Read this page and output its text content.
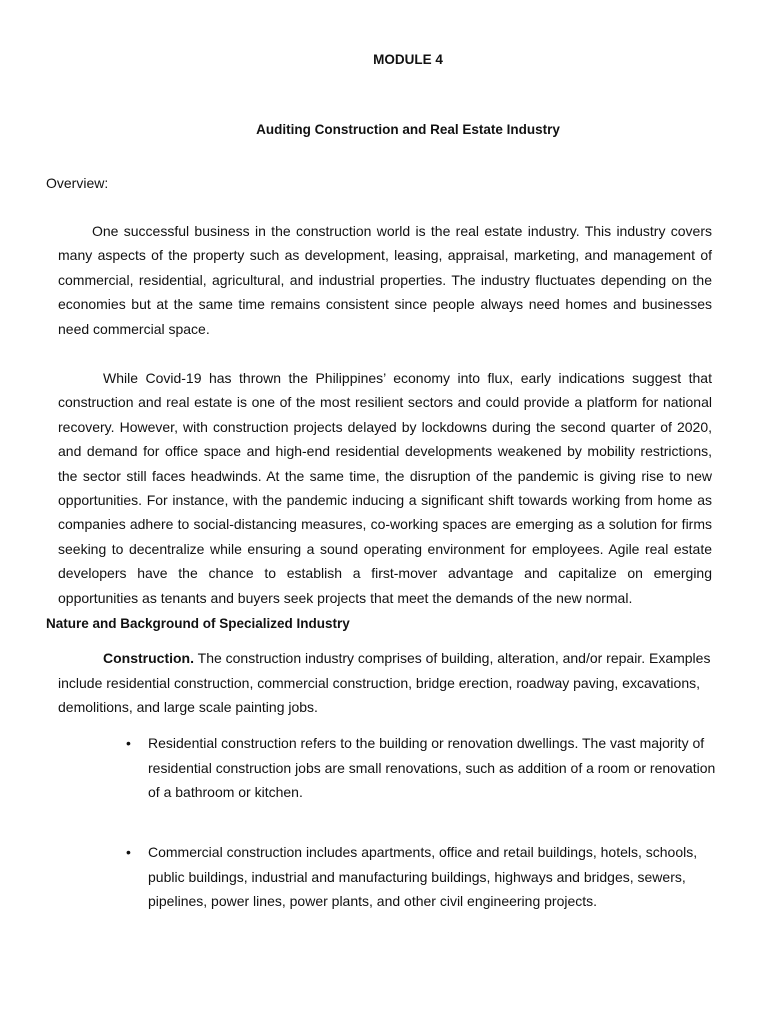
MODULE 4
Auditing Construction and Real Estate Industry
Overview:

One successful business in the construction world is the real estate industry. This industry covers many aspects of the property such as development, leasing, appraisal, marketing, and management of commercial, residential, agricultural, and industrial properties. The industry fluctuates depending on the economies but at the same time remains consistent since people always need homes and businesses need commercial space.

While Covid-19 has thrown the Philippines’ economy into flux, early indications suggest that construction and real estate is one of the most resilient sectors and could provide a platform for national recovery. However, with construction projects delayed by lockdowns during the second quarter of 2020, and demand for office space and high-end residential developments weakened by mobility restrictions, the sector still faces headwinds. At the same time, the disruption of the pandemic is giving rise to new opportunities. For instance, with the pandemic inducing a significant shift towards working from home as companies adhere to social-distancing measures, co-working spaces are emerging as a solution for firms seeking to decentralize while ensuring a sound operating environment for employees. Agile real estate developers have the chance to establish a first-mover advantage and capitalize on emerging opportunities as tenants and buyers seek projects that meet the demands of the new normal.

Nature and Background of Specialized Industry

Construction. The construction industry comprises of building, alteration, and/or repair. Examples include residential construction, commercial construction, bridge erection, roadway paving, excavations, demolitions, and large scale painting jobs.

•	Residential construction refers to the building or renovation dwellings. The vast majority of residential construction jobs are small renovations, such as addition of a room or renovation of a bathroom or kitchen.
•	Commercial construction includes apartments, office and retail buildings, hotels, schools, public buildings, industrial and manufacturing buildings, highways and bridges, sewers, pipelines, power lines, power plants, and other civil engineering projects.
